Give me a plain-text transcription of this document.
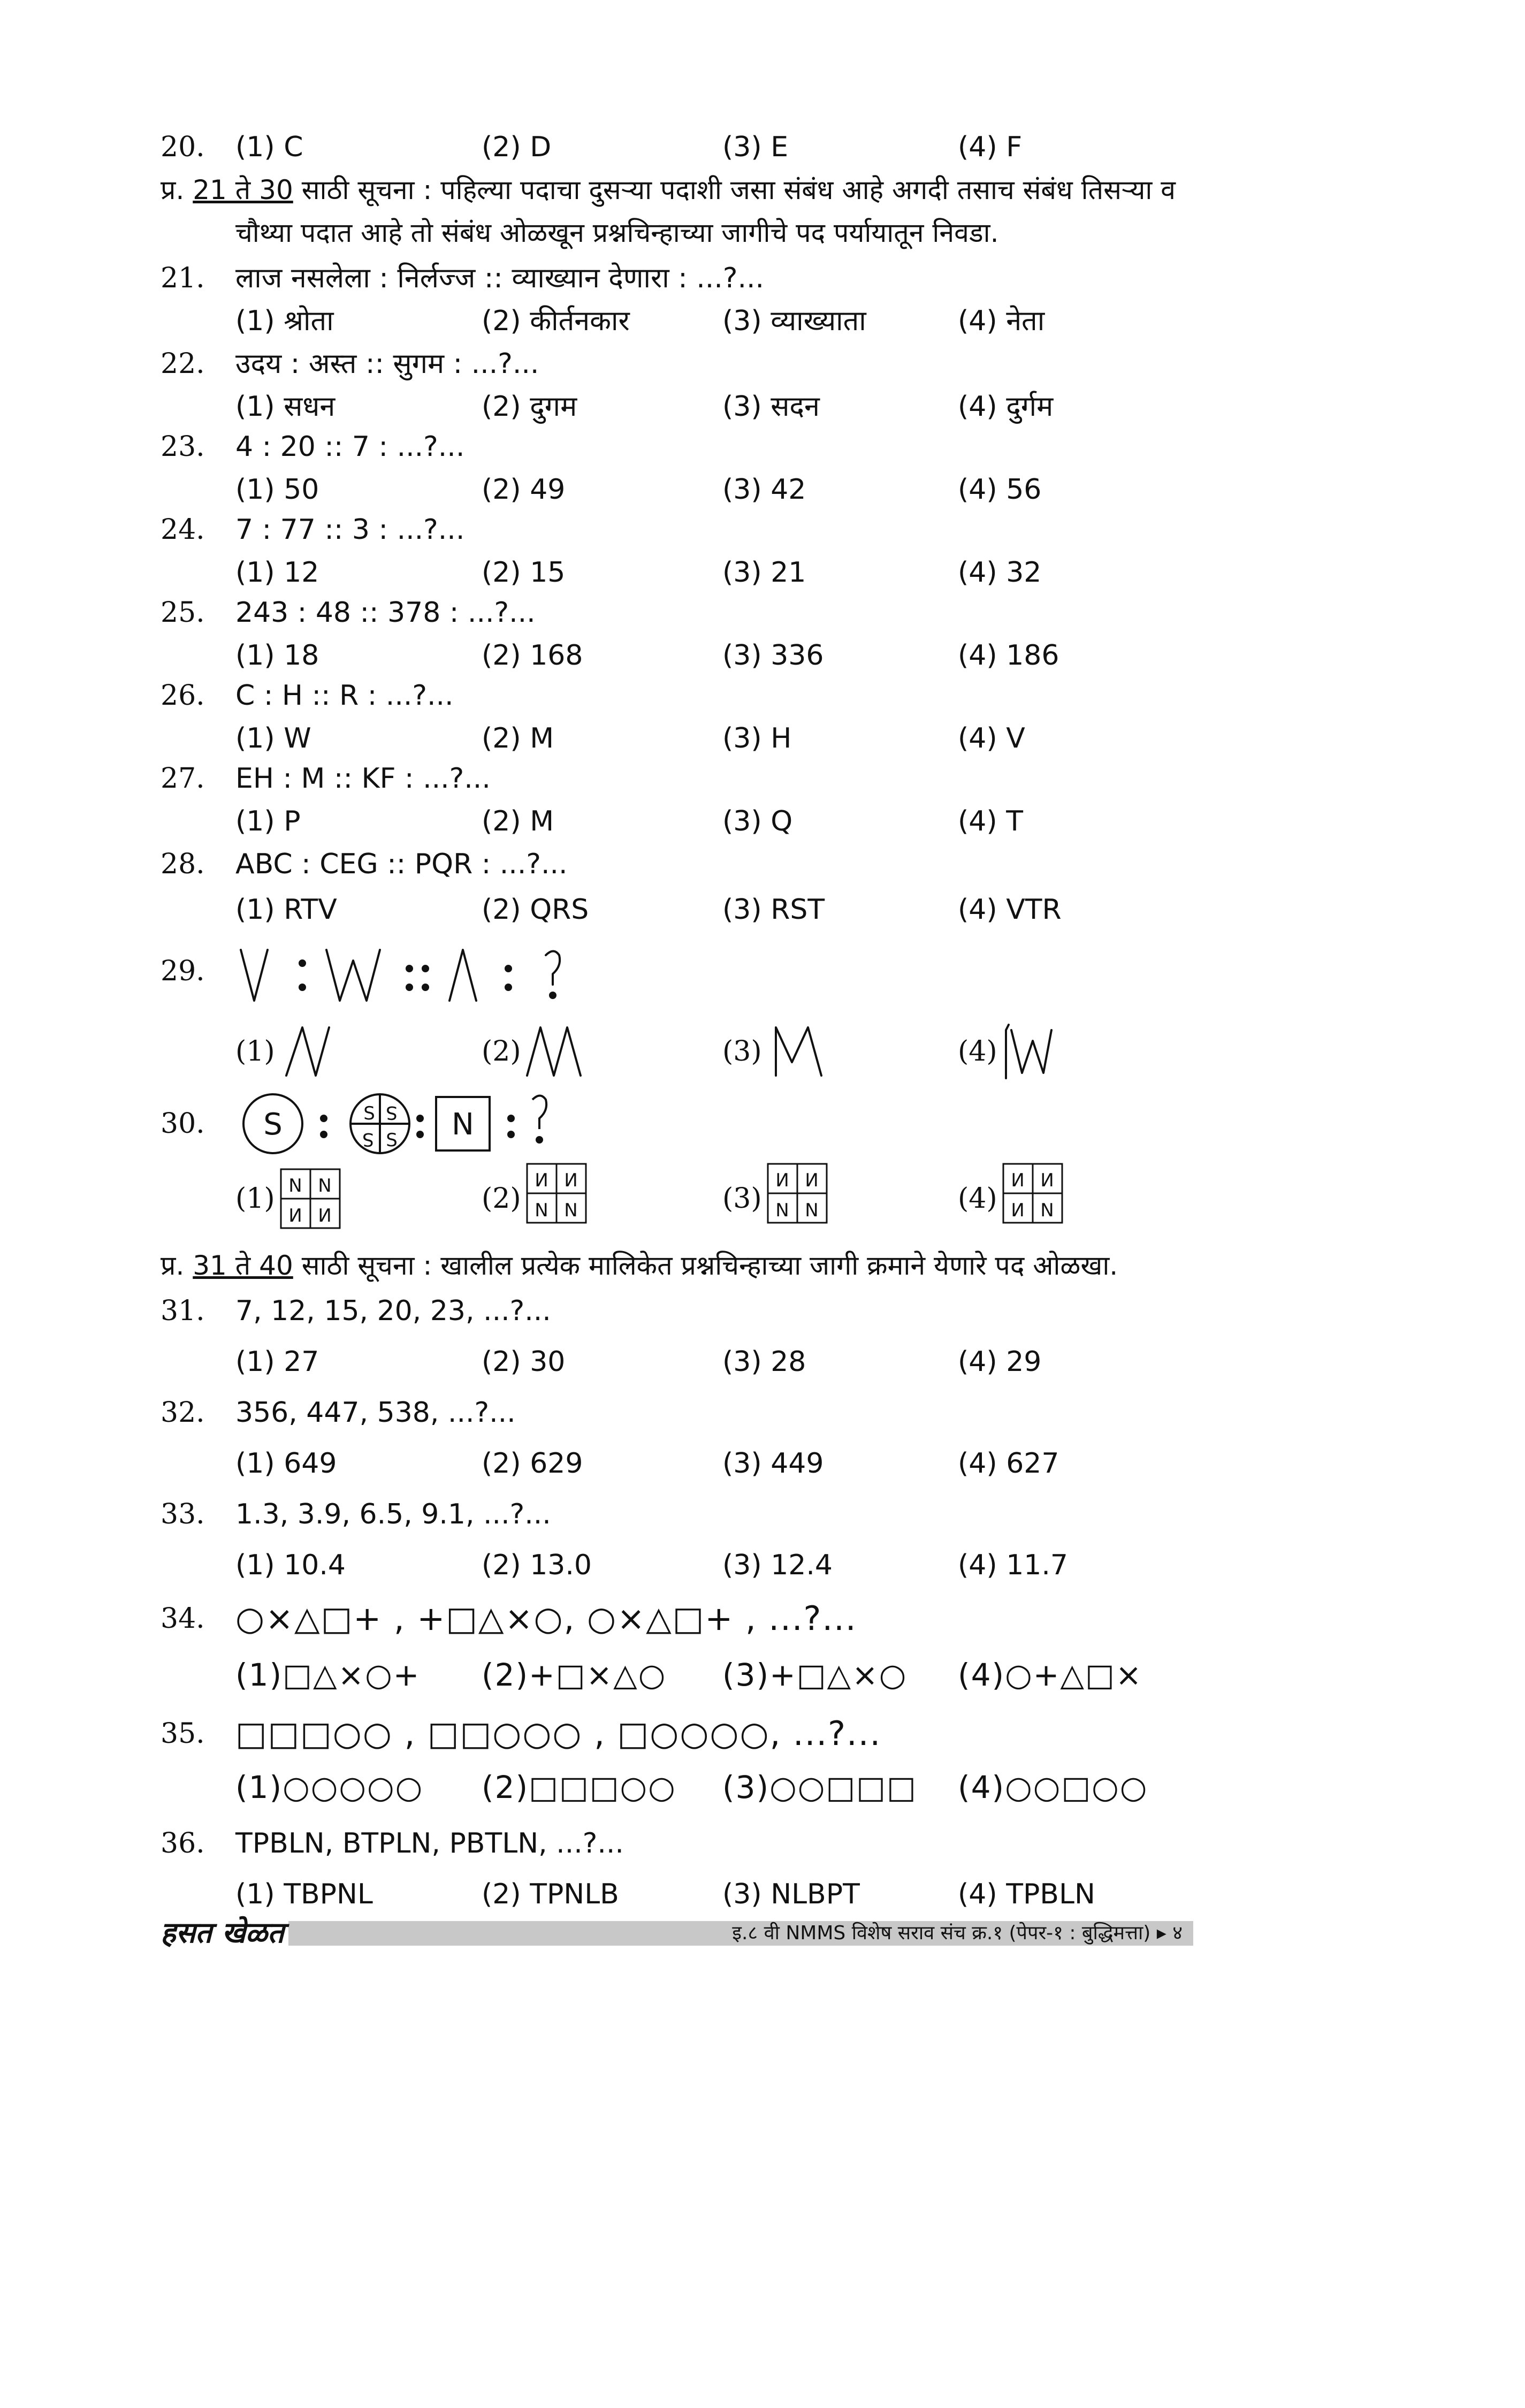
20.	(1) C	(2) D	(3) E	(4) F
प्र. 21 ते 30 साठी सूचना : पहिल्या पदाचा दुसऱ्या पदाशी जसा संबंध आहे अगदी तसाच संबंध तिसऱ्या व
चौथ्या पदात आहे तो संबंध ओळखून प्रश्नचिन्हाच्या जागीचे पद पर्यायातून निवडा.
21.	लाज नसलेला : निर्लज्ज :: व्याख्यान देणारा : ...?...
(1) श्रोता	(2) कीर्तनकार	(3) व्याख्याता	(4) नेता
22.	उदय : अस्त :: सुगम : ...?...
(1) सधन	(2) दुगम	(3) सदन	(4) दुर्गम
23.	4 : 20 :: 7 : ...?...
(1) 50	(2) 49	(3) 42	(4) 56
24.	7 : 77 :: 3 : ...?...
(1) 12	(2) 15	(3) 21	(4) 32
25.	243 : 48 :: 378 : ...?...
(1) 18	(2) 168	(3) 336	(4) 186
26.	C : H :: R : ...?...
(1) W	(2) M	(3) H	(4) V
27.	EH : M :: KF : ...?...
(1) P	(2) M	(3) Q	(4) T
28.	ABC : CEG :: PQR : ...?...
(1) RTV	(2) QRS	(3) RST	(4) VTR
29.
(1)	(2)	(3)	(4)
30.	S	S S
S S N
(1)	(2)	(3)	(4)
N N
N N
N N
N N
N N
N N
N N
N N
प्र. 31 ते 40 साठी सूचना : खालील प्रत्येक मालिकेत प्रश्नचिन्हाच्या जागी क्रमाने येणारे पद ओळखा.
31.	7, 12, 15, 20, 23, ...?...
(1) 27	(2) 30	(3) 28	(4) 29
32.	356, 447, 538, ...?...
(1) 649	(2) 629	(3) 449	(4) 627
33.	1.3, 3.9, 6.5, 9.1, ...?...
(1) 10.4	(2) 13.0	(3) 12.4	(4) 11.7
34. ○×△□+ , +□△×○, ○×△□+ , ...?...
(1)□△×○+ (2)+□×△○ (3)+□△×○ (4)○+△□×
35. □□□○○ , □□○○○ , □○○○○, ...?...
(1)○○○○○ (2)□□□○○ (3)○○□□□ (4)○○□○○
36.	TPBLN, BTPLN, PBTLN, ...?...
(1) TBPNL	(2) TPNLB	(3) NLBPT	(4) TPBLN
हसत खेळत	इ.८ वी NMMS विशेष सराव संच क्र.१ (पेपर-१ : बुद्धिमत्ता) ▸ ४
